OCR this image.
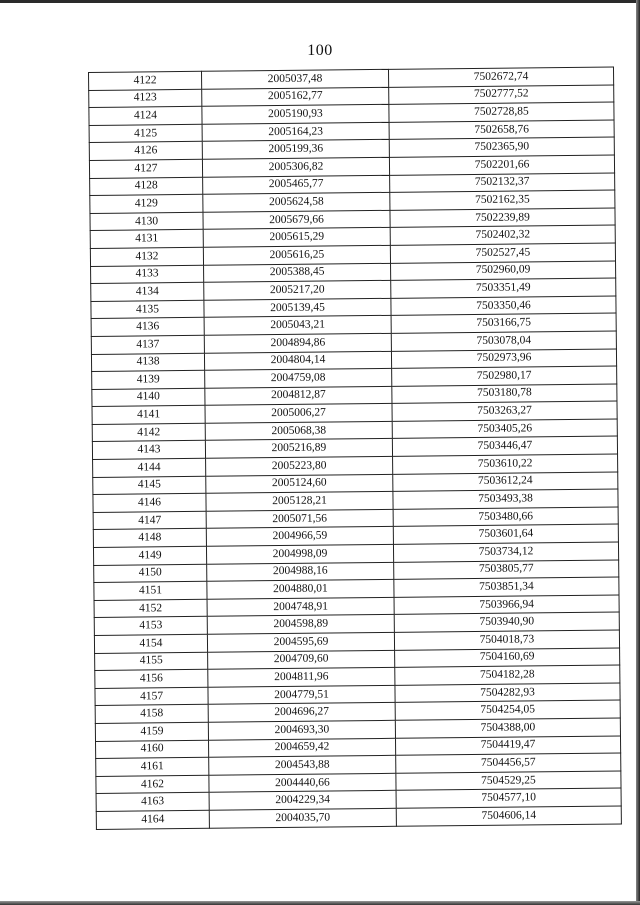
100
4122	2005037,48	7502672,74
4123	2005162,77	7502777,52
4124	2005190,93	7502728,85
4125	2005164,23	7502658,76
4126	2005199,36	7502365,90
4127	2005306,82	7502201,66
4128	2005465,77	7502132,37
4129	2005624,58	7502162,35
4130	2005679,66	7502239,89
4131	2005615,29	7502402,32
4132	2005616,25	7502527,45
4133	2005388,45	7502960,09
4134	2005217,20	7503351,49
4135	2005139,45	7503350,46
4136	2005043,21	7503166,75
4137	2004894,86	7503078,04
4138	2004804,14	7502973,96
4139	2004759,08	7502980,17
4140	2004812,87	7503180,78
4141	2005006,27	7503263,27
4142	2005068,38	7503405,26
4143	2005216,89	7503446,47
4144	2005223,80	7503610,22
4145	2005124,60	7503612,24
4146	2005128,21	7503493,38
4147	2005071,56	7503480,66
4148	2004966,59	7503601,64
4149	2004998,09	7503734,12
4150	2004988,16	7503805,77
4151	2004880,01	7503851,34
4152	2004748,91	7503966,94
4153	2004598,89	7503940,90
4154	2004595,69	7504018,73
4155	2004709,60	7504160,69
4156	2004811,96	7504182,28
4157	2004779,51	7504282,93
4158	2004696,27	7504254,05
4159	2004693,30	7504388,00
4160	2004659,42	7504419,47
4161	2004543,88	7504456,57
4162	2004440,66	7504529,25
4163	2004229,34	7504577,10
4164	2004035,70	7504606,14
